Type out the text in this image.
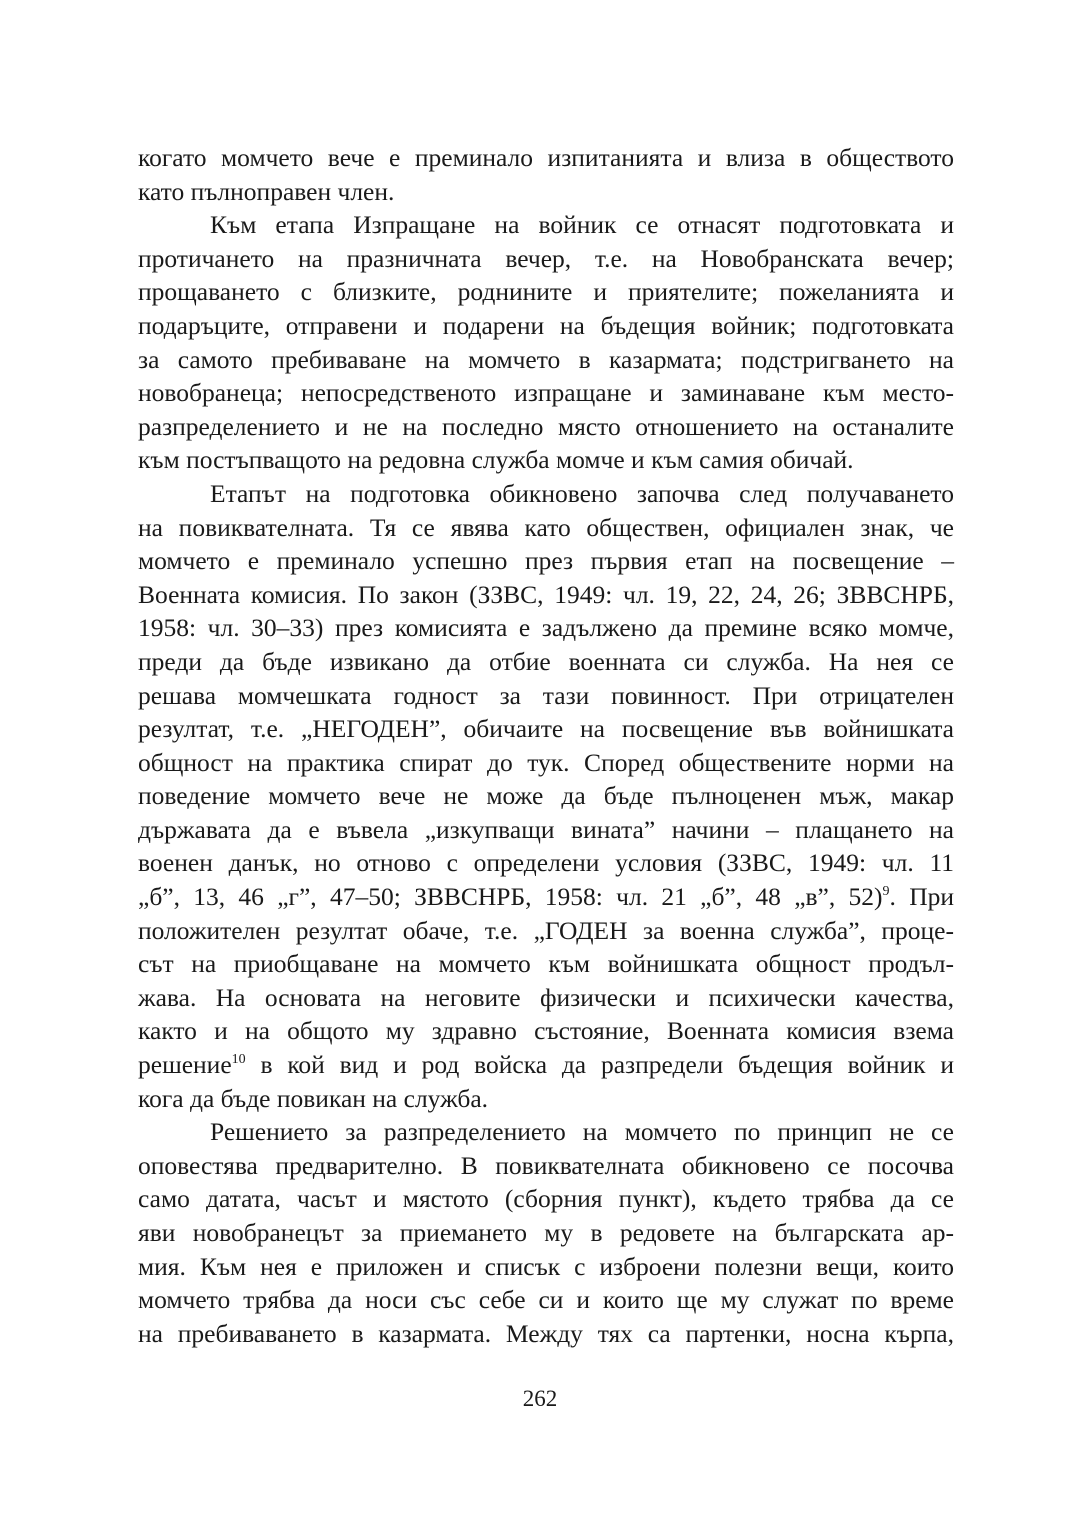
когато момчето вече е преминало изпитанията и влиза в обществото
като пълноправен член.
Към етапа Изпращане на войник се отнасят подготовката и
протичането на празничната вечер, т.е. на Новобранската вечер;
прощаването с близките, роднините и приятелите; пожеланията и
подаръците, отправени и подарени на бъдещия войник; подготовката
за самото пребиваване на момчето в казармата; подстригването на
новобранеца; непосредственото изпращане и заминаване към место-
разпределението и не на последно място отношението на останалите
към постъпващото на редовна служба момче и към самия обичай.
Етапът на подготовка обикновено започва след получаването
на повиквателната. Тя се явява като обществен, официален знак, че
момчето е преминало успешно през първия етап на посвещение –
Военната комисия. По закон (ЗЗВС, 1949: чл. 19, 22, 24, 26; ЗВВСНРБ,
1958: чл. 30–33) през комисията е задължено да премине всяко момче,
преди да бъде извикано да отбие военната си служба. На нея се
решава момчешката годност за тази повинност. При отрицателен
резултат, т.е. „НЕГОДЕН”, обичаите на посвещение във войнишката
общност на практика спират до тук. Според обществените норми на
поведение момчето вече не може да бъде пълноценен мъж, макар
държавата да е въвела „изкупващи вината” начини – плащането на
военен данък, но отново с определени условия (ЗЗВС, 1949: чл. 11
„б”, 13, 46 „г”, 47–50; ЗВВСНРБ, 1958: чл. 21 „б”, 48 „в”, 52)$^9$. При
положителен резултат обаче, т.е. „ГОДЕН за военна служба”, проце-
сът на приобщаване на момчето към войнишката общност продъл-
жава. На основата на неговите физически и психически качества,
както и на общото му здравно състояние, Военната комисия взема
решение$^{10}$ в кой вид и род войска да разпредели бъдещия войник и
кога да бъде повикан на служба.
Решението за разпределението на момчето по принцип не се
оповестява предварително. В повиквателната обикновено се посочва
само датата, часът и мястото (сборния пункт), където трябва да се
яви новобранецът за приемането му в редовете на българската ар-
мия. Към нея е приложен и списък с изброени полезни вещи, които
момчето трябва да носи със себе си и които ще му служат по време
на пребиваването в казармата. Между тях са партенки, носна кърпа,
262
